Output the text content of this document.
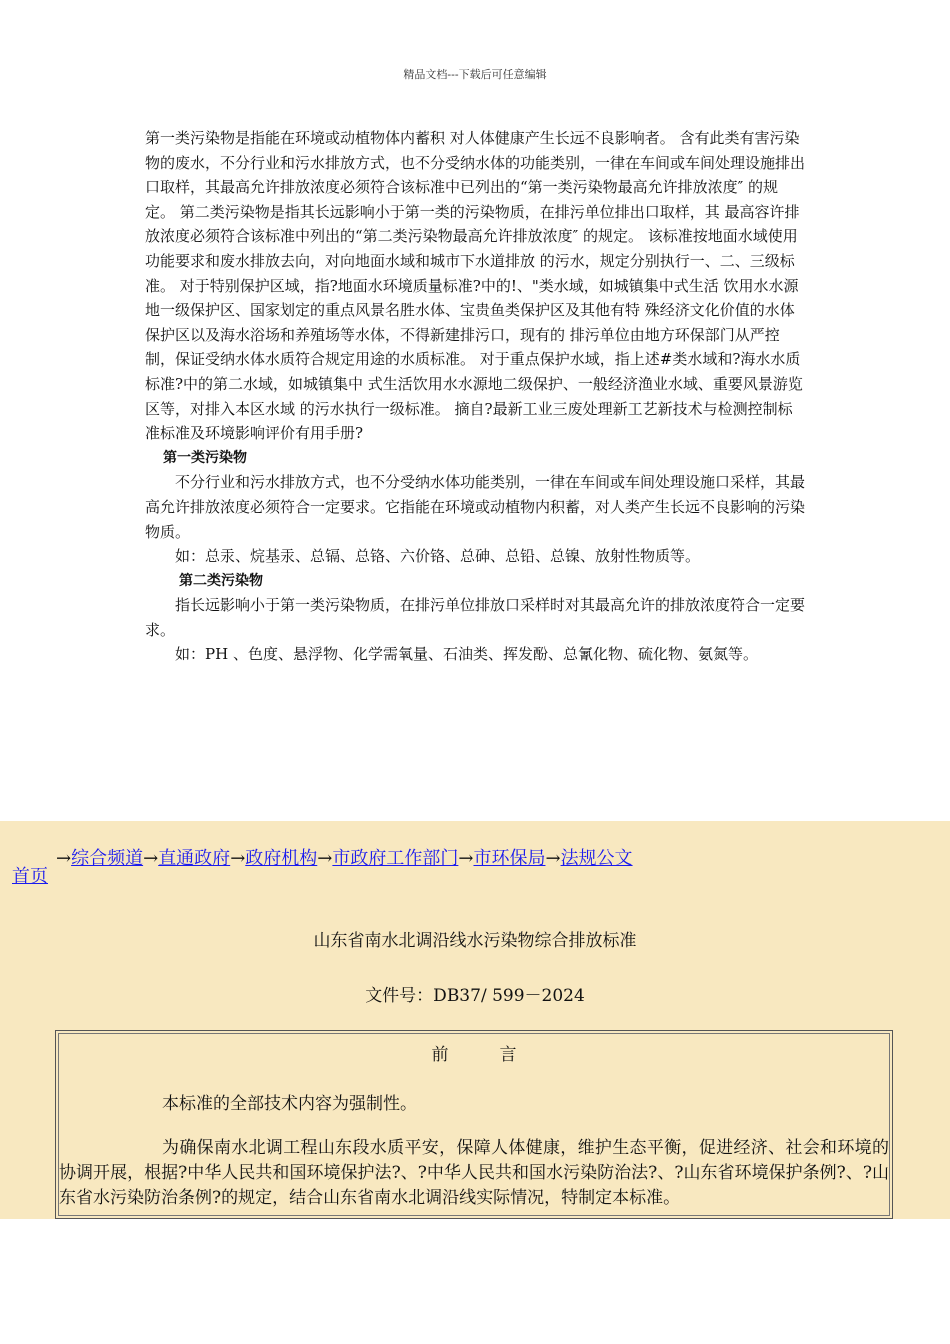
精品文档---下载后可任意编辑

第一类污染物是指能在环境或动植物体内蓄积 对人体健康产生长远不良影响者。 含有此类有害污染物的废水，不分行业和污水排放方式，也不分受纳水体的功能类别，一律在车间或车间处理设施排出口取样，其最高允许排放浓度必须符合该标准中已列出的“第一类污染物最高允许排放浓度″ 的规定。 第二类污染物是指其长远影响小于第一类的污染物质，在排污单位排出口取样，其 最高容许排放浓度必须符合该标准中列出的“第二类污染物最高允许排放浓度″ 的规定。 该标准按地面水域使用功能要求和废水排放去向，对向地面水域和城市下水道排放 的污水，规定分别执行一、二、三级标准。 对于特别保护区域，指?地面水环境质量标准?中的!、"类水域，如城镇集中式生活 饮用水水源地一级保护区、国家划定的重点风景名胜水体、宝贵鱼类保护区及其他有特 殊经济文化价值的水体保护区以及海水浴场和养殖场等水体，不得新建排污口，现有的 排污单位由地方环保部门从严控制，保证受纳水体水质符合规定用途的水质标准。 对于重点保护水域，指上述#类水域和?海水水质标准?中的第二水域，如城镇集中 式生活饮用水水源地二级保护、一般经济渔业水域、重要风景游览区等，对排入本区水域 的污水执行一级标准。 摘自?最新工业三废处理新工艺新技术与检测控制标准标准及环境影响评价有用手册?

第一类污染物

不分行业和污水排放方式，也不分受纳水体功能类别，一律在车间或车间处理设施口采样，其最高允许排放浓度必须符合一定要求。它指能在环境或动植物内积蓄，对人类产生长远不良影响的污染物质。

如：总汞、烷基汞、总镉、总铬、六价铬、总砷、总铅、总镍、放射性物质等。

第二类污染物

指长远影响小于第一类污染物质，在排污单位排放口采样时对其最高允许的排放浓度符合一定要求。

如：PH 、色度、悬浮物、化学需氧量、石油类、挥发酚、总氰化物、硫化物、氨氮等。

首页
→综合频道→直通政府→政府机构→市政府工作部门→市环保局→法规公文
山东省南水北调沿线水污染物综合排放标准
文件号：DB37/ 599－2024
前　　　言
本标准的全部技术内容为强制性。
为确保南水北调工程山东段水质平安，保障人体健康，维护生态平衡，促进经济、社会和环境的协调开展，根据?中华人民共和国环境保护法?、?中华人民共和国水污染防治法?、?山东省环境保护条例?、?山东省水污染防治条例?的规定，结合山东省南水北调沿线实际情况，特制定本标准。
